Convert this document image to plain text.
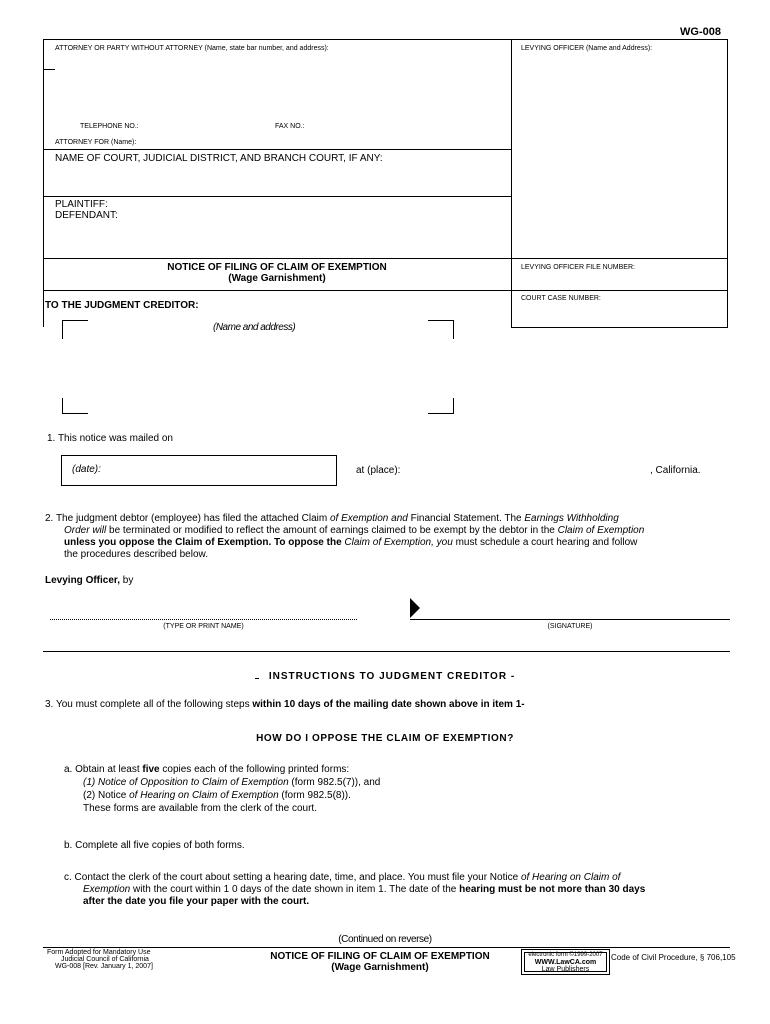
WG-008
ATTORNEY OR PARTY WITHOUT ATTORNEY (Name, state bar number, and address):	LEVYING OFFICER (Name and Address):
TELEPHONE NO.:	FAX NO.:
ATTORNEY FOR (Name):
NAME OF COURT, JUDICIAL DISTRICT, AND BRANCH COURT, IF ANY:
PLAINTIFF:
DEFENDANT:
NOTICE OF FILING OF CLAIM OF EXEMPTION
(Wage Garnishment)
LEVYING OFFICER FILE NUMBER:
COURT CASE NUMBER:
TO THE JUDGMENT CREDITOR:
(Name and address)
1. This notice was mailed on
(date):	at (place):	, California.

2. The judgment debtor (employee) has filed the attached Claim of Exemption and Financial Statement. The Earnings Withholding

Order will be terminated or modified to reflect the amount of earnings claimed to be exempt by the debtor in the Claim of Exemption

unless you oppose the Claim of Exemption. To oppose the Claim of Exemption, you must schedule a court hearing and follow

the procedures described below.

Levying Officer, by
(TYPE OR PRINT NAME)	(SIGNATURE)
INSTRUCTIONS TO JUDGMENT CREDITOR -
3. You must complete all of the following steps within 10 days of the mailing date shown above in item 1-
HOW DO I OPPOSE THE CLAIM OF EXEMPTION?

a. Obtain at least five copies each of the following printed forms:

(1) Notice of Opposition to Claim of Exemption (form 982.5(7)), and

(2) Notice of Hearing on Claim of Exemption (form 982.5(8)).

These forms are available from the clerk of the court.

b. Complete all five copies of both forms.

c. Contact the clerk of the court about setting a hearing date, time, and place. You must file your Notice of Hearing on Claim of

Exemption with the court within 1 0 days of the date shown in item 1. The date of the hearing must be not more than 30 days

after the date you file your paper with the court.

(Continued on reverse)

Form Adopted for Mandatory Use

Judicial Council of California

WG-008 [Rev. January 1, 2007]

NOTICE OF FILING OF CLAIM OF EXEMPTION
(Wage Garnishment)
electronic form ©1999-2007
WWW.LawCA.com
Law Publishers
Code of Civil Procedure, § 706,105
